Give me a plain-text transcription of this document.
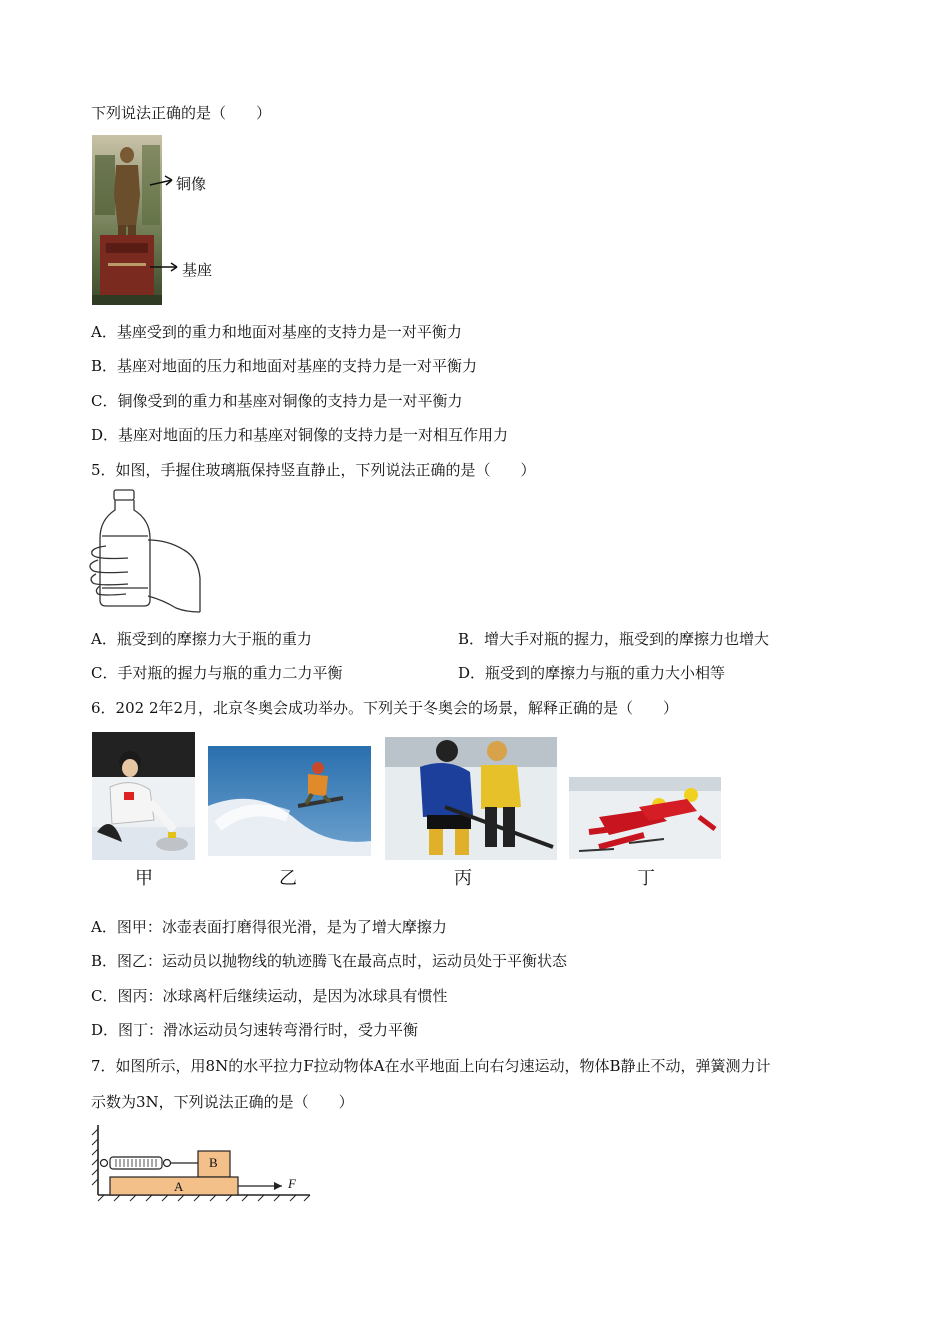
下列说法正确的是（　　）
铜像
基座
A．基座受到的重力和地面对基座的支持力是一对平衡力
B．基座对地面的压力和地面对基座的支持力是一对平衡力
C．铜像受到的重力和基座对铜像的支持力是一对平衡力
D．基座对地面的压力和基座对铜像的支持力是一对相互作用力
5．如图，手握住玻璃瓶保持竖直静止，下列说法正确的是（　　）
A．瓶受到的摩擦力大于瓶的重力	B．增大手对瓶的握力，瓶受到的摩擦力也增大
C．手对瓶的握力与瓶的重力二力平衡	D．瓶受到的摩擦力与瓶的重力大小相等
6．202 2年2月，北京冬奥会成功举办。下列关于冬奥会的场景，解释正确的是（　　）
甲	乙	丙	丁
A．图甲：冰壶表面打磨得很光滑，是为了增大摩擦力
B．图乙：运动员以抛物线的轨迹腾飞在最高点时，运动员处于平衡状态
C．图丙：冰球离杆后继续运动，是因为冰球具有惯性
D．图丁：滑冰运动员匀速转弯滑行时，受力平衡
7．如图所示，用8N的水平拉力F拉动物体A在水平地面上向右匀速运动，物体B静止不动，弹簧测力计
示数为3N，下列说法正确的是（　　）
B
A	F
